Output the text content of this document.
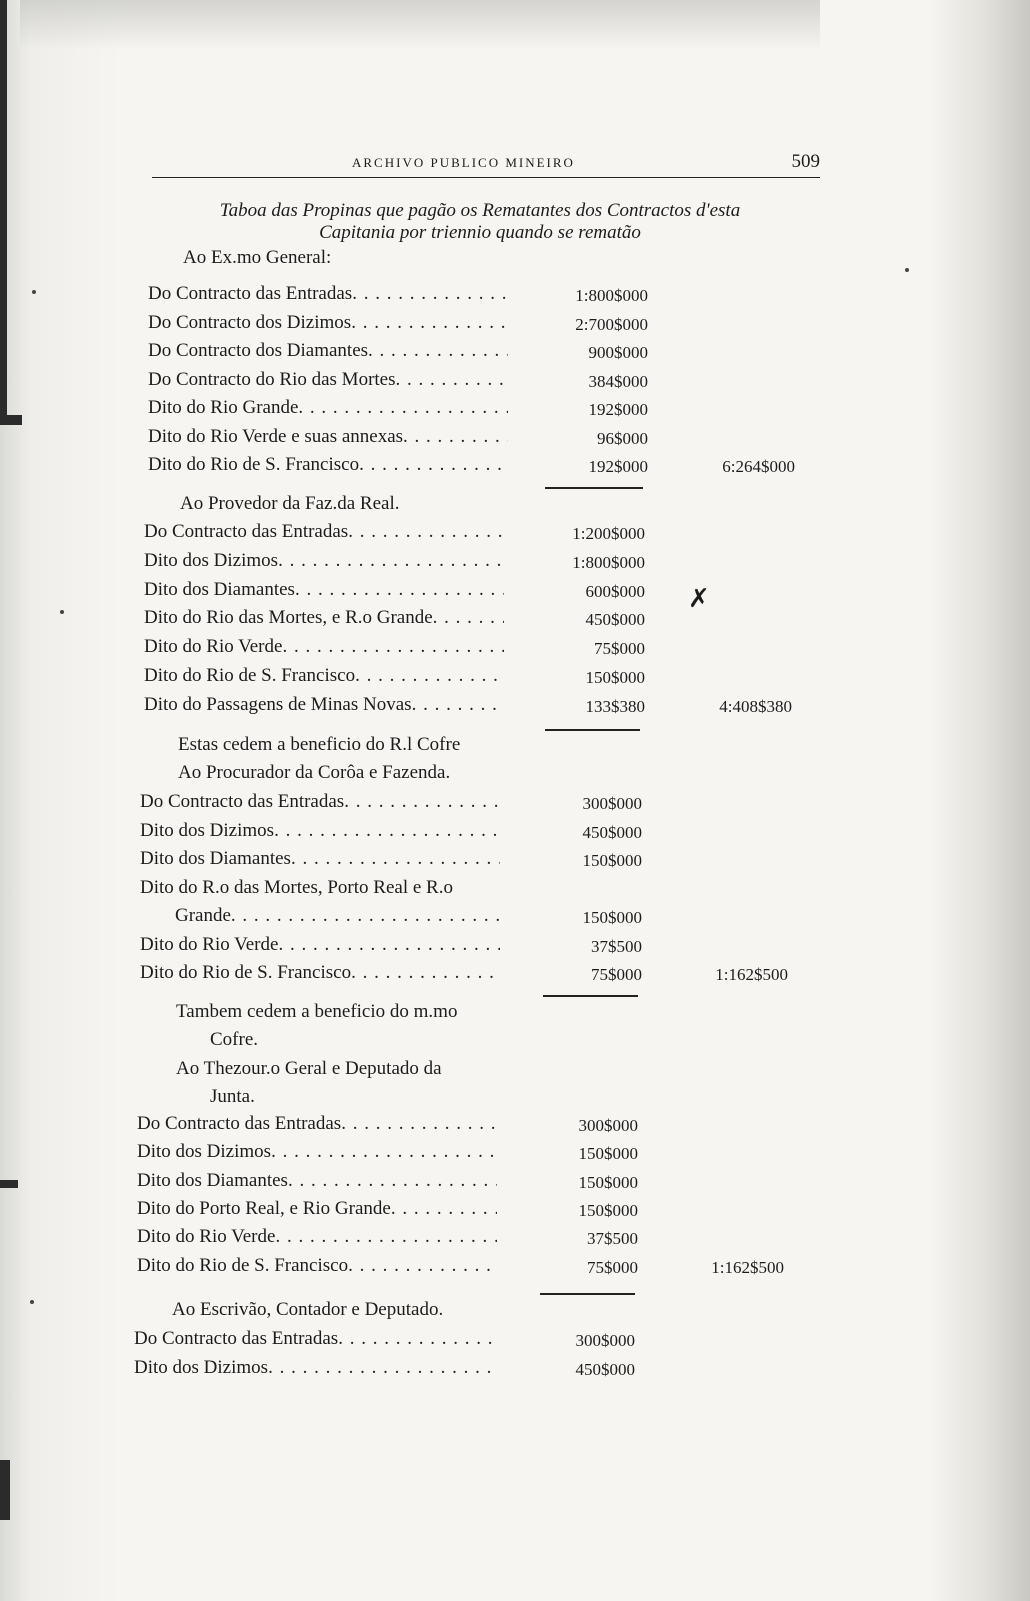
ARCHIVO PUBLICO MINEIRO	509
Taboa das Propinas que pagão os Rematantes dos Contractos d'esta
Capitania por triennio quando se rematão
Ao Ex.mo General:
Do Contracto das Entradas . . .	1:800$000
Do Contracto dos Dizimos . . .	2:700$000
Do Contracto dos Diamantes . . .	900$000
Do Contracto do Rio das Mortes . . .	384$000
Dito do Rio Grande . . .	192$000
Dito do Rio Verde e suas annexas . . .	96$000
Dito do Rio de S. Francisco . . .	192$000	6:264$000
Ao Provedor da Faz.da Real.
Do Contracto das Entradas . . .	1:200$000
Dito dos Dizimos . . .	1:800$000
Dito dos Diamantes . . .	600$000
Dito do Rio das Mortes, e R.o Grande . . .	450$000
Dito do Rio Verde . . .	75$000
Dito do Rio de S. Francisco . . .	150$000
Dito do Passagens de Minas Novas . . .	133$380	4:408$380
Estas cedem a beneficio do R.l Cofre
Ao Procurador da Corôa e Fazenda.
Do Contracto das Entradas . . .	300$000
Dito dos Dizimos . . .	450$000
Dito dos Diamantes . . .	150$000
Dito do R.o das Mortes, Porto Real e R.o
Grande . . .	150$000
Dito do Rio Verde . . .	37$500
Dito do Rio de S. Francisco . . .	75$000	1:162$500
Tambem cedem a beneficio do m.mo
Cofre.
Ao Thezour.o Geral e Deputado da
Junta.
Do Contracto das Entradas . . .	300$000
Dito dos Dizimos . . .	150$000
Dito dos Diamantes . . .	150$000
Dito do Porto Real, e Rio Grande . . .	150$000
Dito do Rio Verde . . .	37$500
Dito do Rio de S. Francisco . . .	75$000	1:162$500
Ao Escrivão, Contador e Deputado.
Do Contracto das Entradas . . .	300$000
Dito dos Dizimos . . .	450$000
✗
